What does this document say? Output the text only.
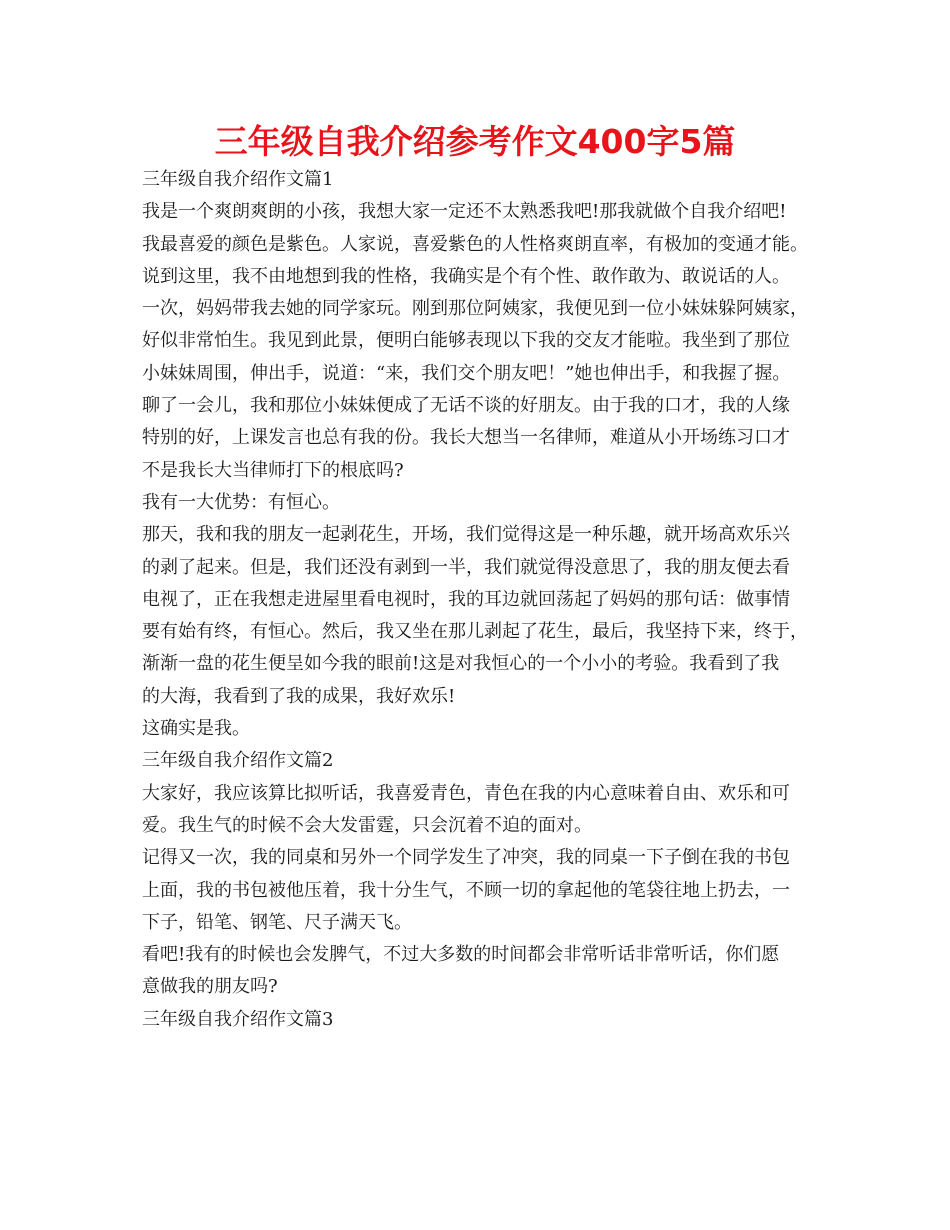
三年级自我介绍参考作文400字5篇
三年级自我介绍作文篇1
我是一个爽朗爽朗的小孩，我想大家一定还不太熟悉我吧!那我就做个自我介绍吧!
我最喜爱的颜色是紫色。人家说，喜爱紫色的人性格爽朗直率，有极加的变通才能。
说到这里，我不由地想到我的性格，我确实是个有个性、敢作敢为、敢说话的人。
一次，妈妈带我去她的同学家玩。刚到那位阿姨家，我便见到一位小妹妹躲阿姨家，
好似非常怕生。我见到此景，便明白能够表现以下我的交友才能啦。我坐到了那位
小妹妹周围，伸出手，说道：“来，我们交个朋友吧！”她也伸出手，和我握了握。
聊了一会儿，我和那位小妹妹便成了无话不谈的好朋友。由于我的口才，我的人缘
特别的好，上课发言也总有我的份。我长大想当一名律师，难道从小开场练习口才
不是我长大当律师打下的根底吗?
我有一大优势：有恒心。
那天，我和我的朋友一起剥花生，开场，我们觉得这是一种乐趣，就开场高欢乐兴
的剥了起来。但是，我们还没有剥到一半，我们就觉得没意思了，我的朋友便去看
电视了，正在我想走进屋里看电视时，我的耳边就回荡起了妈妈的那句话：做事情
要有始有终，有恒心。然后，我又坐在那儿剥起了花生，最后，我坚持下来，终于，
渐渐一盘的花生便呈如今我的眼前!这是对我恒心的一个小小的考验。我看到了我
的大海，我看到了我的成果，我好欢乐!
这确实是我。
三年级自我介绍作文篇2
大家好，我应该算比拟听话，我喜爱青色，青色在我的内心意味着自由、欢乐和可
爱。我生气的时候不会大发雷霆，只会沉着不迫的面对。
记得又一次，我的同桌和另外一个同学发生了冲突，我的同桌一下子倒在我的书包
上面，我的书包被他压着，我十分生气，不顾一切的拿起他的笔袋往地上扔去，一
下子，铅笔、钢笔、尺子满天飞。
看吧!我有的时候也会发脾气，不过大多数的时间都会非常听话非常听话，你们愿
意做我的朋友吗?
三年级自我介绍作文篇3
